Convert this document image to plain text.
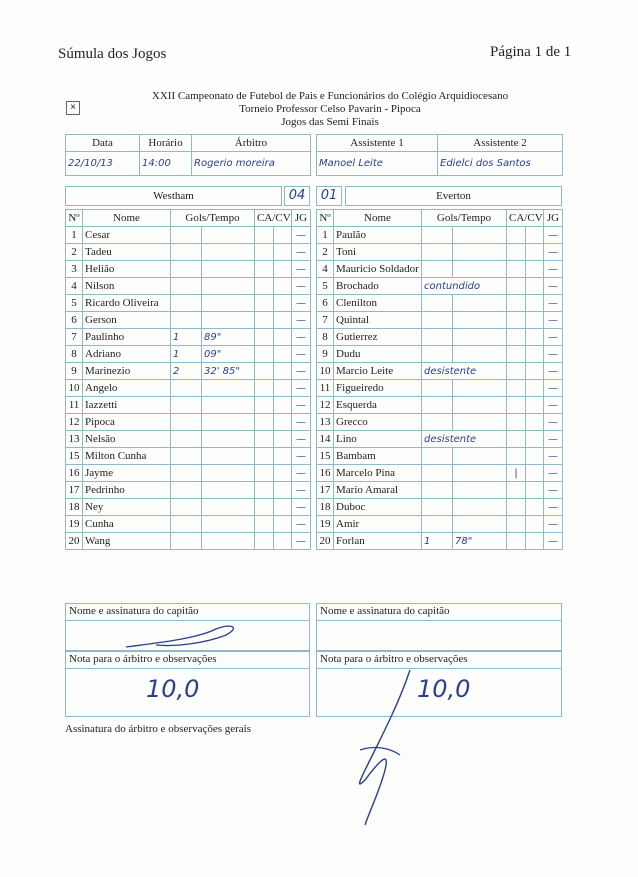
Súmula dos Jogos	Página 1 de 1
×
XXII Campeonato de Futebol de Pais e Funcionários do Colégio Arquidiocesano
Torneio Professor Celso Pavarin - Pipoca
Jogos das Semi Finais
Data	Horário	Árbitro
22/10/13	14:00	Rogerio moreira
Assistente 1	Assistente 2
Manoel Leite	Edielci dos Santos
Westham	04	01	Everton
Nº	Nome	Gols/Tempo		CA/CV		JG
1	Cesar					—
2	Tadeu					—
3	Helião					—
4	Nilson					—
5	Ricardo Oliveira					—
6	Gerson					—
7	Paulinho	1	89"			—
8	Adriano	1	09"			—
9	Marinezio	2	32' 85"			—
10	Angelo					—
11	Iazzetti					—
12	Pipoca					—
13	Nelsão					—
15	Milton Cunha					—
16	Jayme					—
17	Pedrinho					—
18	Ney					—
19	Cunha					—
20	Wang					—
Nº	Nome	Gols/Tempo		CA/CV		JG
1	Paulão					—
2	Toni					—
4	Mauricio Soldador					—
5	Brochado	contundido				—
6	Clenilton					—
7	Quintal					—
8	Gutierrez					—
9	Dudu					—
10	Marcio Leite	desistente				—
11	Figueiredo					—
12	Esquerda					—
13	Grecco					—
14	Lino	desistente				—
15	Bambam					—
16	Marcelo Pina			|		—
17	Mario Amaral					—
18	Duboc					—
19	Amir					—
20	Forlan	1	78"			—
Nome e assinatura do capitão	Nome e assinatura do capitão
Nota para o árbitro e observações
10,0
Nota para o árbitro e observações
10,0
Assinatura do árbitro e observações gerais
